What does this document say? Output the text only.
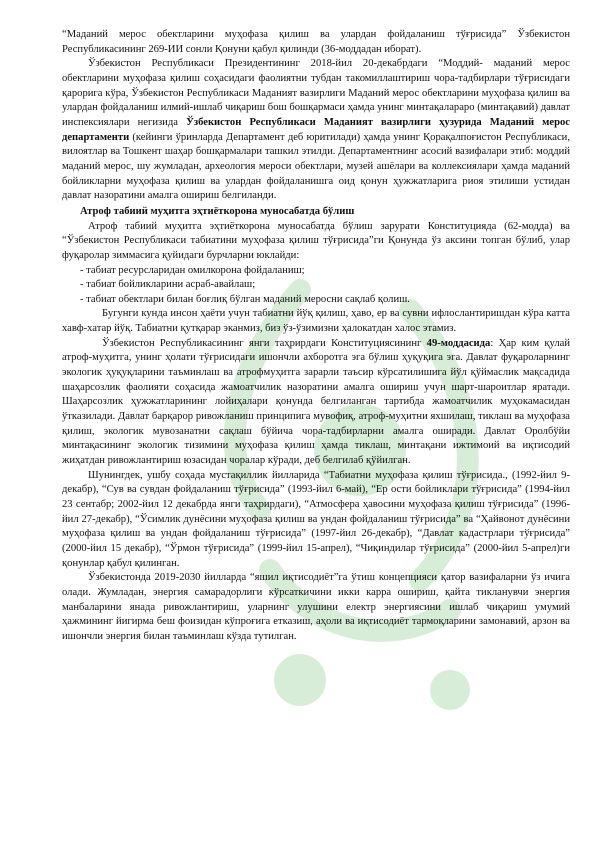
“Маданий мерос обектларини муҳофаза қилиш ва улардан фойдаланиш тўғрисида” Ўзбекистон Республикасининг 269-ИИ сонли Қонуни қабул қилинди (36-моддадан иборат).

Ўзбекистон Республикаси Президентининг 2018-йил 20-декабрдаги “Моддий- маданий мерос обектларини муҳофаза қилиш соҳасидаги фаолиятни тубдан такомиллаштириш чора-тадбирлари тўғрисидаги қарорига кўра, Ўзбекистон Республикаси Маданият вазирлиги Маданий мерос обектларини муҳофаза қилиш ва улардан фойдаланиш илмий-ишлаб чиқариш бош бошқармаси ҳамда унинг минтақалараро (минтақавий) давлат инспексиялари негизида Ўзбекистон Республикаси Маданият вазирлиги ҳузурида Маданий мерос департаменти (кейинги ўринларда Департамент деб юритилади) ҳамда унинг Қорақалпоғистон Республикаси, вилоятлар ва Тошкент шаҳар бошқармалари ташкил этилди. Департаментнинг асосий вазифалари этиб: моддий маданий мерос, шу жумладан, археология мероси обектлари, музей ашёлари ва коллексиялари ҳамда маданий бойликларни муҳофаза қилиш ва улардан фойдаланишга оид қонун ҳужжатларига риоя этилиши устидан давлат назоратини амалга ошириш белгиланди.

Атроф табиий муҳитга эҳтиёткорона муносабатда бўлиш

Атроф табиий муҳитга эҳтиёткорона муносабатда бўлиш зарурати Конституцияда (62-модда) ва “Ўзбекистон Республикаси табиатини муҳофаза қилиш тўғрисида”ги Қонунда ўз аксини топган бўлиб, улар фуқаролар зиммасига қуйидаги бурчларни юклайди:

- табиат ресурсларидан омилкорона фойдаланиш;
- табиат бойликларини асраб-авайлаш;
- табиат обектлари билан боғлиқ бўлган маданий меросни сақлаб қолиш.

Бугунги кунда инсон ҳаёти учун табиатни йўқ қилиш, ҳаво, ер ва сувни ифлослантиришдан кўра катта хавф-хатар йўқ. Табиатни қутқарар эканмиз, биз ўз-ўзимизни ҳалокатдан халос этамиз.

Ўзбекистон Республикасининг янги таҳрирдаги Конституциясининг 49-моддасида: Ҳар ким қулай атроф-муҳитга, унинг ҳолати тўғрисидаги ишончли ахборотга эга бўлиш ҳуқуқига эга. Давлат фуқароларнинг экологик ҳуқуқларини таъминлаш ва атрофмуҳитга зарарли таъсир кўрсатилишига йўл қўймаслик мақсадида шаҳарсозлик фаолияти соҳасида жамоатчилик назоратини амалга ошириш учун шарт-шароитлар яратади. Шаҳарсозлик ҳужжатларининг лойиҳалари қонунда белгиланган тартибда жамоатчилик муҳокамасидан ўтказилади. Давлат барқарор ривожланиш принципига мувофиқ, атроф-муҳитни яхшилаш, тиклаш ва муҳофаза қилиш, экологик мувозанатни сақлаш бўйича чора-тадбирларни амалга оширади. Давлат Оролбўйи минтақасининг экологик тизимини муҳофаза қилиш ҳамда тиклаш, минтақани ижтимоий ва иқтисодий жиҳатдан ривожлантириш юзасидан чоралар кўради, деб белгилаб қўйилган.

Шунингдек, ушбу соҳада мустақиллик йилларида “Табиатни муҳофаза қилиш тўғрисида., (1992-йил 9-декабр), “Сув ва сувдан фойдаланиш тўғрисида” (1993-йил 6-май), “Ер ости бойликлари тўғрисида” (1994-йил 23 сентабр; 2002-йил 12 декабрда янги таҳрирдаги), “Атмосфера ҳавосини муҳофаза қилиш тўғрисида” (1996-йил 27-декабр), “Ўсимлик дунёсини муҳофаза қилиш ва ундан фойдаланиш тўғрисида” ва “Ҳайвонот дунёсини муҳофаза қилиш ва ундан фойдаланиш тўғрисида” (1997-йил 26-декабр), “Давлат кадастрлари тўғрисида” (2000-йил 15 декабр), “Ўрмон тўғрисида” (1999-йил 15-апрел), “Чиқиндилар тўғрисида” (2000-йил 5-апрел)ги қонунлар қабул қилинган.

Ўзбекистонда 2019-2030 йилларда “яшил иқтисодиёт”га ўтиш концепцияси қатор вазифаларни ўз ичига олади. Жумладан, энергия самарадорлиги кўрсаткичини икки карра ошириш, қайта тикланувчи энергия манбаларини янада ривожлантириш, уларнинг улушини електр энергиясини ишлаб чиқариш умумий ҳажмининг йигирма беш фоизидан кўпроғига етказиш, аҳоли ва иқтисодиёт тармоқларини замонавий, арзон ва ишончли энергия билан таъминлаш кўзда тутилган.
